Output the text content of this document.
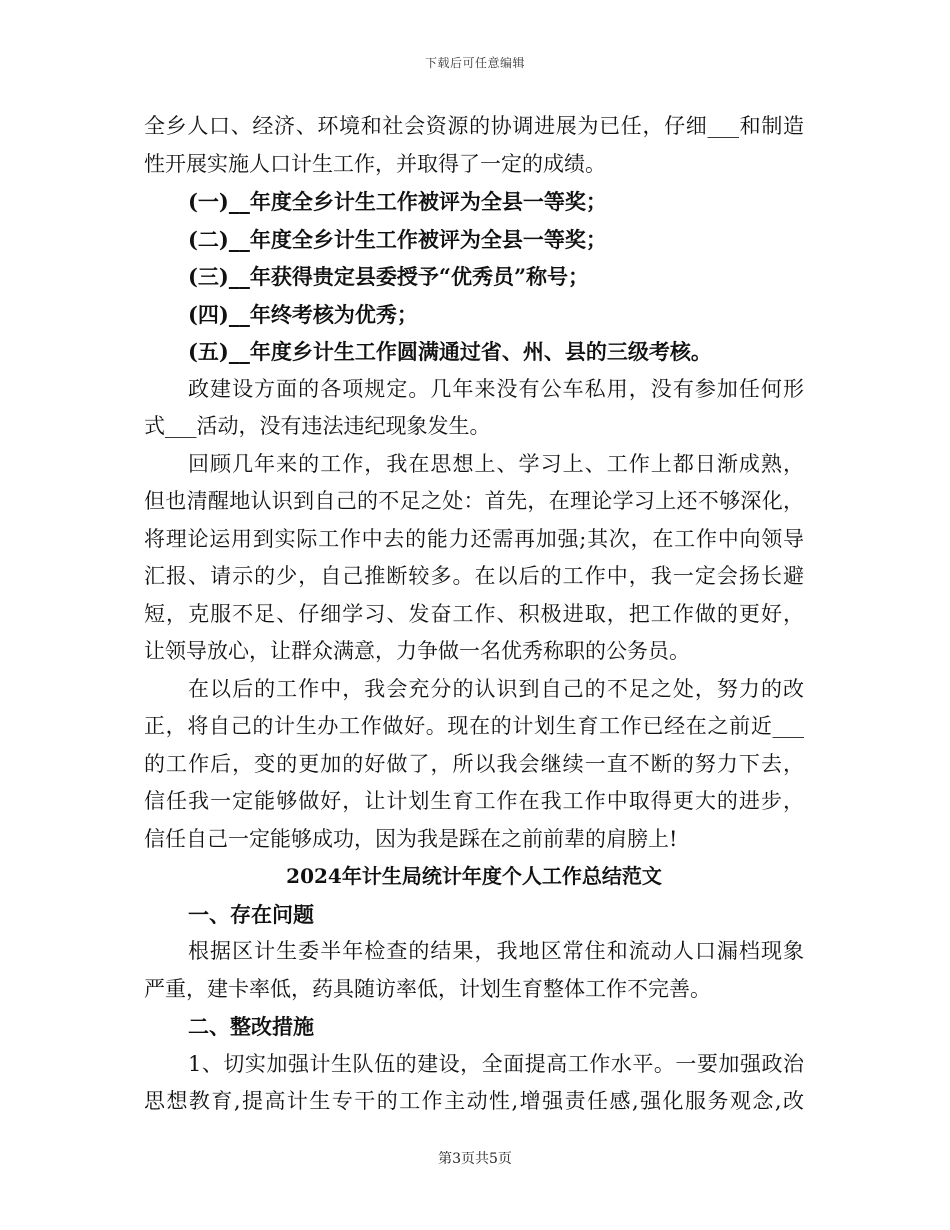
下载后可任意编辑
全乡人口、经济、环境和社会资源的协调进展为已任，仔细___和制造
性开展实施人口计生工作，并取得了一定的成绩。
(一)__年度全乡计生工作被评为全县一等奖；
(二)__年度全乡计生工作被评为全县一等奖；
(三)__年获得贵定县委授予“优秀员”称号；
(四)__年终考核为优秀；
(五)__年度乡计生工作圆满通过省、州、县的三级考核。
政建设方面的各项规定。几年来没有公车私用，没有参加任何形
式___活动，没有违法违纪现象发生。
回顾几年来的工作，我在思想上、学习上、工作上都日渐成熟，
但也清醒地认识到自己的不足之处：首先，在理论学习上还不够深化，
将理论运用到实际工作中去的能力还需再加强;其次，在工作中向领导
汇报、请示的少，自己推断较多。在以后的工作中，我一定会扬长避
短，克服不足、仔细学习、发奋工作、积极进取，把工作做的更好，
让领导放心，让群众满意，力争做一名优秀称职的公务员。
在以后的工作中，我会充分的认识到自己的不足之处，努力的改
正，将自己的计生办工作做好。现在的计划生育工作已经在之前近___
的工作后，变的更加的好做了，所以我会继续一直不断的努力下去，
信任我一定能够做好，让计划生育工作在我工作中取得更大的进步，
信任自己一定能够成功，因为我是踩在之前前辈的肩膀上!
2024年计生局统计年度个人工作总结范文
一、存在问题
根据区计生委半年检查的结果，我地区常住和流动人口漏档现象
严重，建卡率低，药具随访率低，计划生育整体工作不完善。
二、整改措施
1、切实加强计生队伍的建设，全面提高工作水平。一要加强政治
思想教育,提高计生专干的工作主动性,增强责任感,强化服务观念,改
第3页共5页
